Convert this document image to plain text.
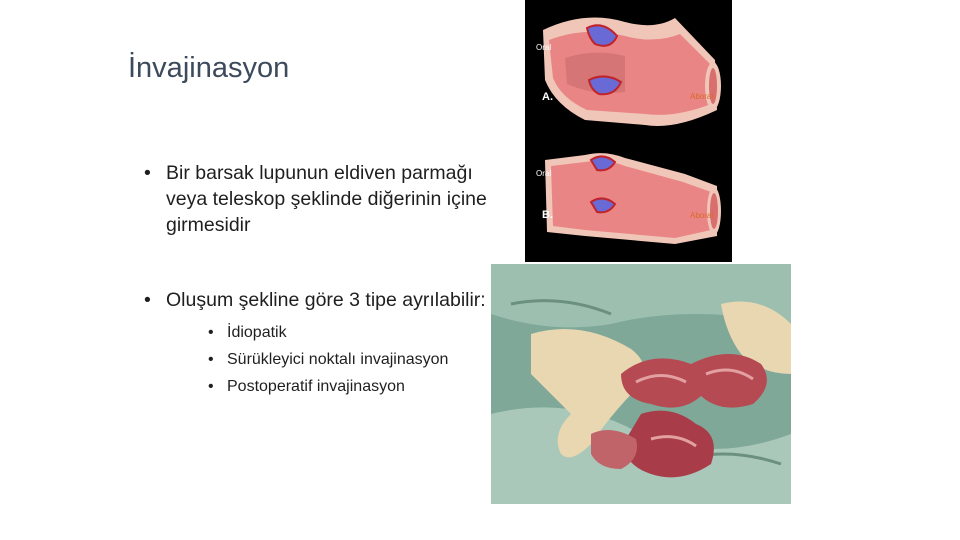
İnvajinasyon
• Bir barsak lupunun eldiven parmağı veya teleskop şeklinde diğerinin içine girmesidir
• Oluşum şekline göre 3 tipe ayrılabilir:
• İdiopatik
• Sürükleyici noktalı invajinasyon
• Postoperatif invajinasyon
Oral
A.	Aboral
Oral
B.	Aboral
